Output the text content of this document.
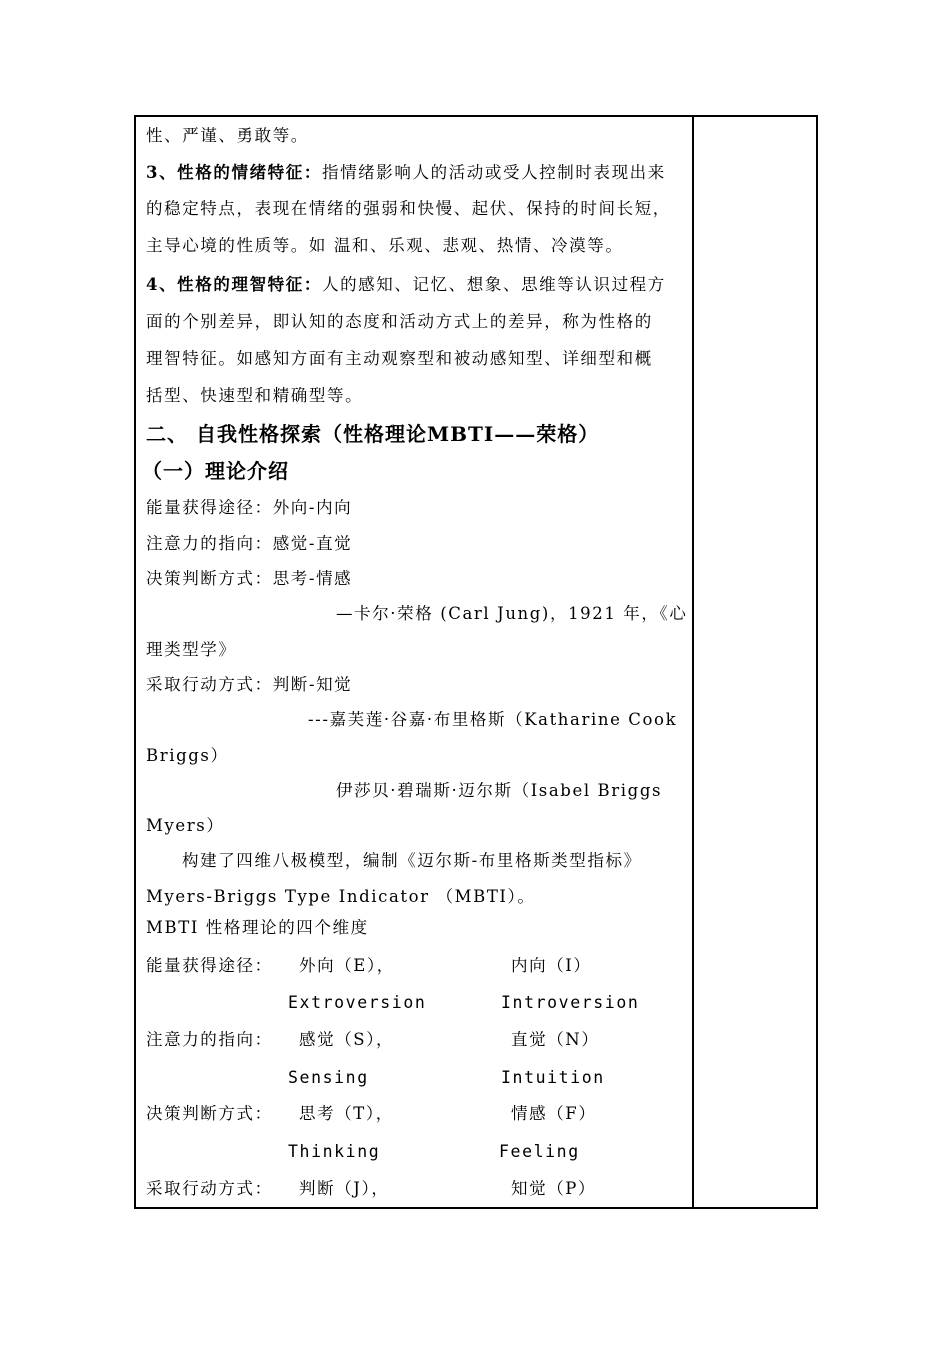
性、严谨、勇敢等。
3、性格的情绪特征：指情绪影响人的活动或受人控制时表现出来
的稳定特点，表现在情绪的强弱和快慢、起伏、保持的时间长短，
主导心境的性质等。如 温和、乐观、悲观、热情、冷漠等。
4、性格的理智特征：人的感知、记忆、想象、思维等认识过程方
面的个别差异，即认知的态度和活动方式上的差异，称为性格的
理智特征。如感知方面有主动观察型和被动感知型、详细型和概
括型、快速型和精确型等。
二、 自我性格探索（性格理论MBTI——荣格）
（一）理论介绍
能量获得途径：外向-内向
注意力的指向：感觉-直觉
决策判断方式：思考-情感
—卡尔·荣格 (Carl Jung)，1921 年，《心
理类型学》
采取行动方式：判断-知觉
---嘉芙莲·谷嘉·布里格斯（Katharine Cook
Briggs）
伊莎贝·碧瑞斯·迈尔斯（Isabel Briggs
Myers）
构建了四维八极模型，编制《迈尔斯-布里格斯类型指标》
Myers-Briggs Type Indicator （MBTI）。
MBTI 性格理论的四个维度
能量获得途径： 外向（E），	内向（I）
Extroversion	Introversion
注意力的指向： 感觉（S），	直觉（N）
Sensing	Intuition
决策判断方式： 思考（T），	情感（F）
Thinking	Feeling
采取行动方式： 判断（J），	知觉（P）
